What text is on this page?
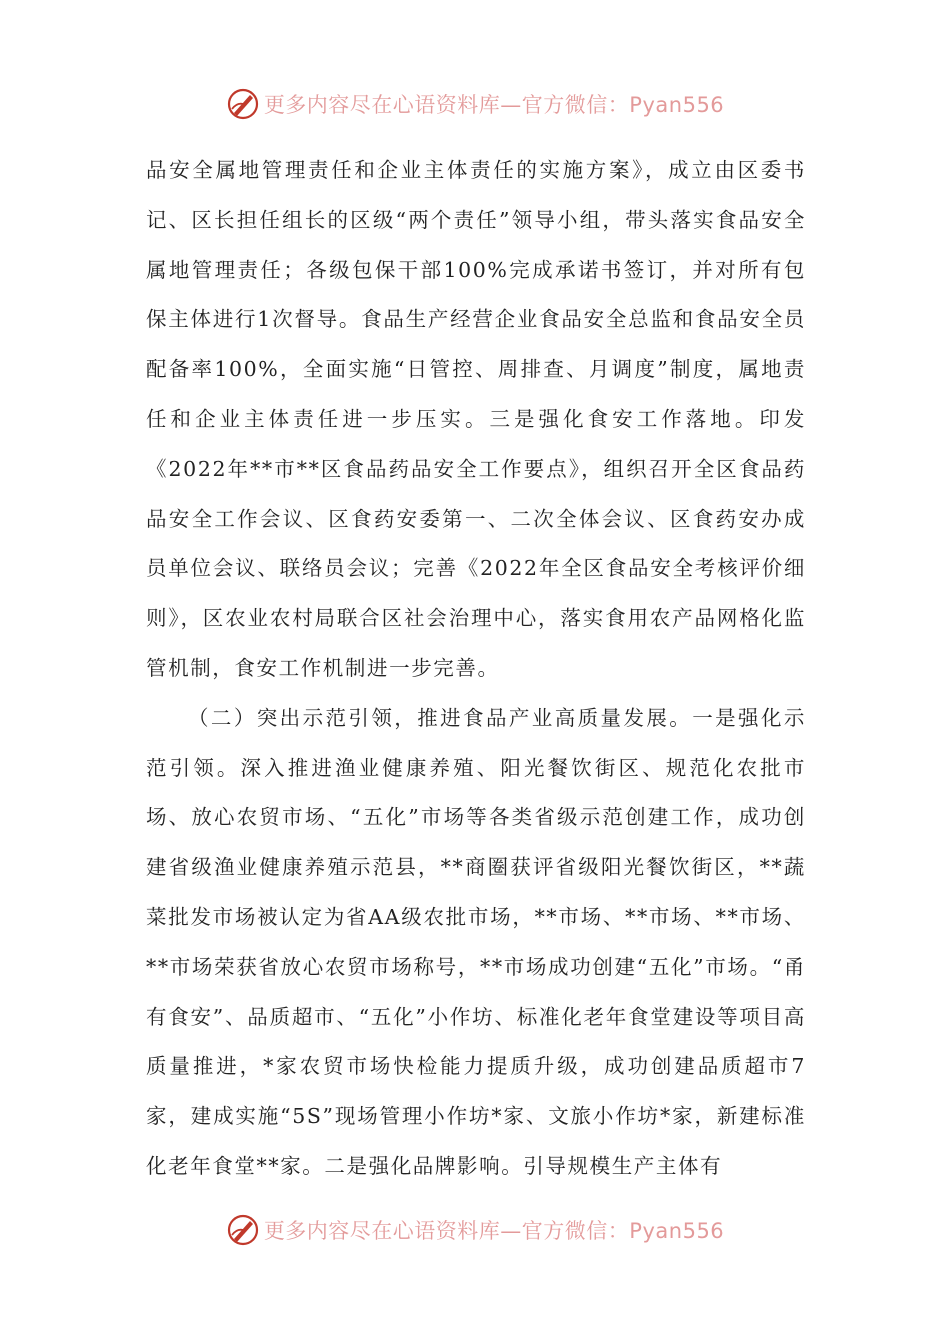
更多内容尽在心语资料库—官方微信：Pyan556

品安全属地管理责任和企业主体责任的实施方案》，成立由区委书记、区长担任组长的区级“两个责任”领导小组，带头落实食品安全属地管理责任；各级包保干部100%完成承诺书签订，并对所有包保主体进行1次督导。食品生产经营企业食品安全总监和食品安全员配备率100%，全面实施“日管控、周排查、月调度”制度，属地责任和企业主体责任进一步压实。三是强化食安工作落地。印发《2022年**市**区食品药品安全工作要点》，组织召开全区食品药品安全工作会议、区食药安委第一、二次全体会议、区食药安办成员单位会议、联络员会议；完善《2022年全区食品安全考核评价细则》，区农业农村局联合区社会治理中心，落实食用农产品网格化监管机制，食安工作机制进一步完善。

（二）突出示范引领，推进食品产业高质量发展。一是强化示范引领。深入推进渔业健康养殖、阳光餐饮街区、规范化农批市场、放心农贸市场、“五化”市场等各类省级示范创建工作，成功创建省级渔业健康养殖示范县，**商圈获评省级阳光餐饮街区，**蔬菜批发市场被认定为省AA级农批市场，**市场、**市场、**市场、**市场荣获省放心农贸市场称号，**市场成功创建“五化”市场。“甬有食安”、品质超市、“五化”小作坊、标准化老年食堂建设等项目高质量推进，*家农贸市场快检能力提质升级，成功创建品质超市7家，建成实施“5S”现场管理小作坊*家、文旅小作坊*家，新建标准化老年食堂**家。二是强化品牌影响。引导规模生产主体有

更多内容尽在心语资料库—官方微信：Pyan556
